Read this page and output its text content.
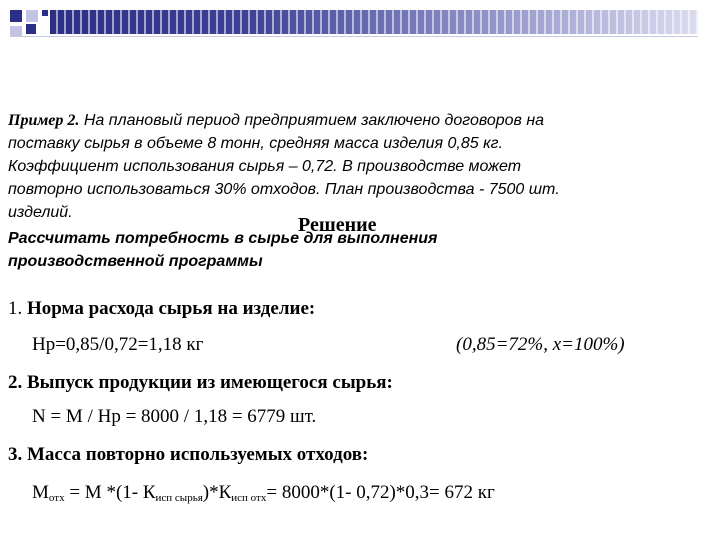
Пример 2. На плановый период предприятием заключено договоров на
поставку сырья в объеме 8 тонн, средняя масса изделия 0,85 кг.
Коэффициент использования сырья – 0,72. В производстве может
повторно использоваться 30% отходов. План производства - 7500 шт.
изделий.
Решение
Рассчитать потребность в сырье для выполнения
производственной программы
1. Норма расхода сырья на изделие:
Нр=0,85/0,72=1,18 кг	(0,85=72%, х=100%)
2. Выпуск продукции из имеющегося сырья:
N = M / Нр = 8000 / 1,18 = 6779 шт.
3. Масса повторно используемых отходов:
$М_{отх} = М$ *(1- $К_{исп сырья})*К_{исп отх}= 8000*(1-$ 0,72)*0,3= 672 кг
